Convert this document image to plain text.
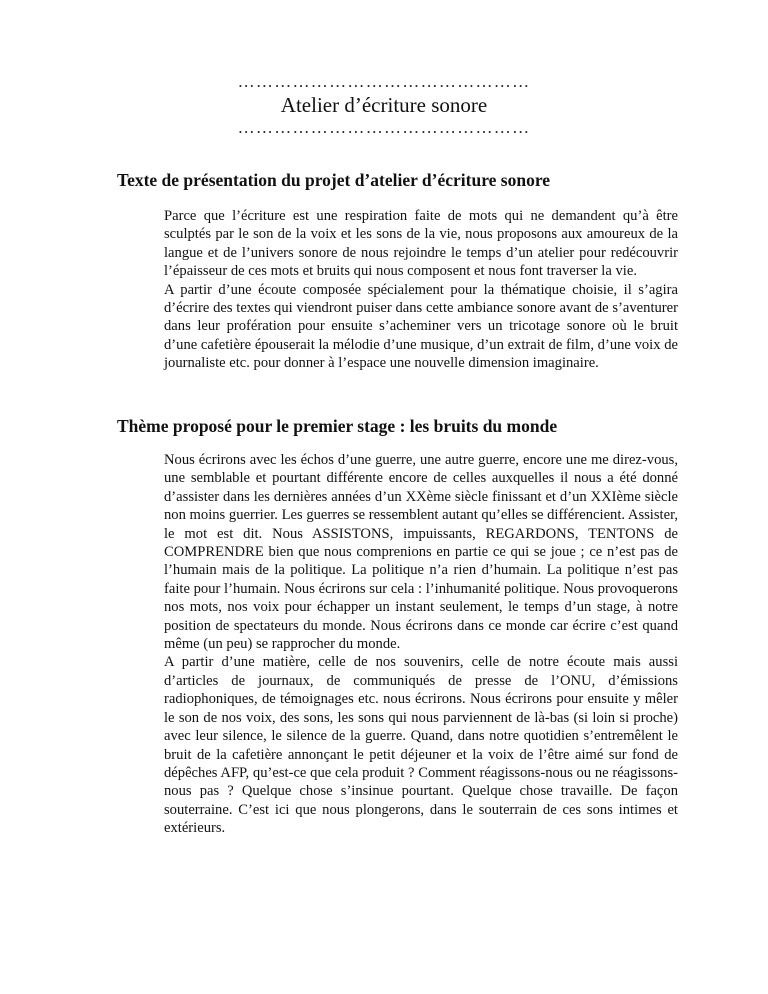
…………………………………………
Atelier d’écriture sonore
…………………………………………
Texte de présentation du projet d’atelier d’écriture sonore

Parce que l’écriture est une respiration faite de mots qui ne demandent qu’à être sculptés par le son de la voix et les sons de la vie, nous proposons aux amoureux de la langue et de l’univers sonore de nous rejoindre le temps d’un atelier pour redécouvrir l’épaisseur de ces mots et bruits qui nous composent et nous font traverser la vie.

A partir d’une écoute composée spécialement pour la thématique choisie, il s’agira d’écrire des textes qui viendront puiser dans cette ambiance sonore avant de s’aventurer dans leur profération pour ensuite s’acheminer vers un tricotage sonore où le bruit d’une cafetière épouserait la mélodie d’une musique, d’un extrait de film, d’une voix de journaliste etc. pour donner à l’espace une nouvelle dimension imaginaire.

Thème proposé pour le premier stage : les bruits du monde

Nous écrirons avec les échos d’une guerre, une autre guerre, encore une me direz-vous, une semblable et pourtant différente encore de celles auxquelles il nous a été donné d’assister dans les dernières années d’un XXème siècle finissant et d’un XXIème siècle non moins guerrier. Les guerres se ressemblent autant qu’elles se différencient. Assister, le mot est dit. Nous ASSISTONS, impuissants, REGARDONS, TENTONS de COMPRENDRE bien que nous comprenions en partie ce qui se joue ; ce n’est pas de l’humain mais de la politique. La politique n’a rien d’humain. La politique n’est pas faite pour l’humain. Nous écrirons sur cela : l’inhumanité politique. Nous provoquerons nos mots, nos voix pour échapper un instant seulement, le temps d’un stage, à notre position de spectateurs du monde. Nous écrirons dans ce monde car écrire c’est quand même (un peu) se rapprocher du monde.

A partir d’une matière, celle de nos souvenirs, celle de notre écoute mais aussi d’articles de journaux, de communiqués de presse de l’ONU, d’émissions radiophoniques, de témoignages etc. nous écrirons. Nous écrirons pour ensuite y mêler le son de nos voix, des sons, les sons qui nous parviennent de là-bas (si loin si proche) avec leur silence, le silence de la guerre. Quand, dans notre quotidien s’entremêlent le bruit de la cafetière annonçant le petit déjeuner et la voix de l’être aimé sur fond de dépêches AFP, qu’est-ce que cela produit ? Comment réagissons-nous ou ne réagissons-nous pas ? Quelque chose s’insinue pourtant. Quelque chose travaille. De façon souterraine. C’est ici que nous plongerons, dans le souterrain de ces sons intimes et extérieurs.
